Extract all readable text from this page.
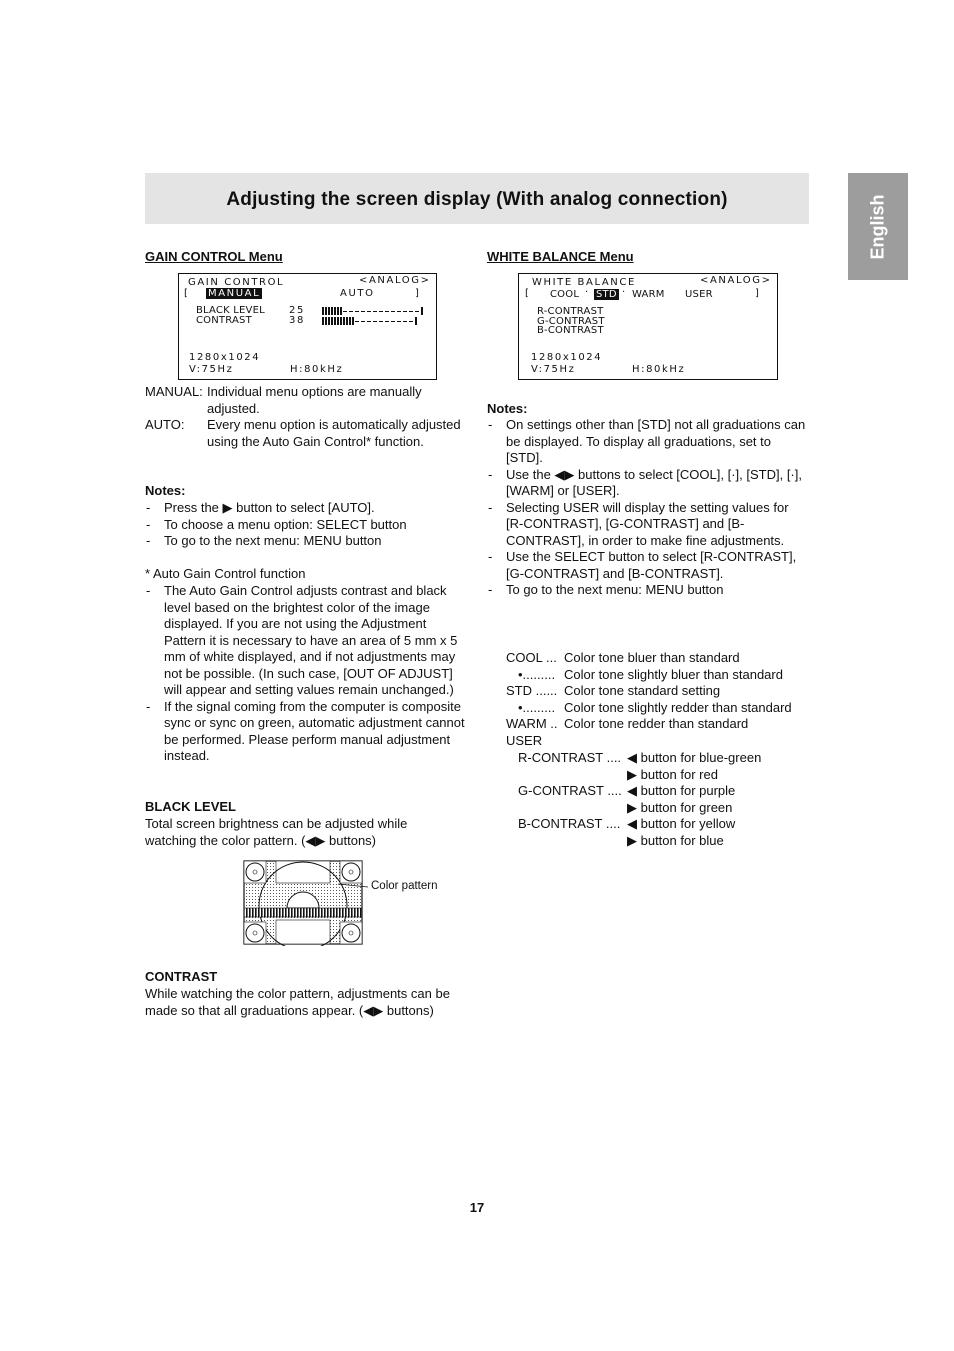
Adjusting the screen display (With analog connection)	English
GAIN CONTROL Menu
GAIN CONTROL	<ANALOG>
[ MANUAL	AUTO	]
BLACK LEVEL 25
CONTRAST	38
1280x1024
V:75Hz	H:80kHz
MANUAL: Individual menu options are manually adjusted.
AUTO: Every menu option is automatically adjusted using the Auto Gain Control* function.
Notes:
- Press the ▶ button to select [AUTO].
- To choose a menu option: SELECT button
- To go to the next menu: MENU button
* Auto Gain Control function
- The Auto Gain Control adjusts contrast and black level based on the brightest color of the image displayed. If you are not using the Adjustment Pattern it is necessary to have an area of 5 mm x 5 mm of white displayed, and if not adjustments may not be possible. (In such case, [OUT OF ADJUST] will appear and setting values remain unchanged.)
- If the signal coming from the computer is composite sync or sync on green, automatic adjustment cannot be performed. Please perform manual adjustment instead.
BLACK LEVEL
Total screen brightness can be adjusted while watching the color pattern. (◀▶ buttons)
Color pattern
CONTRAST
While watching the color pattern, adjustments can be made so that all graduations appear. (◀▶ buttons)
WHITE BALANCE Menu
WHITE BALANCE	<ANALOG>
[ COOL · STD · WARM USER	]
R-CONTRAST
G-CONTRAST
B-CONTRAST
1280x1024
V:75Hz	H:80kHz
Notes:
- On settings other than [STD] not all graduations can be displayed. To display all graduations, set to [STD].
- Use the ◀▶ buttons to select [COOL], [·], [STD], [·], [WARM] or [USER].
- Selecting USER will display the setting values for [R-CONTRAST], [G-CONTRAST] and [B-CONTRAST], in order to make fine adjustments.
- Use the SELECT button to select [R-CONTRAST], [G-CONTRAST] and [B-CONTRAST].
- To go to the next menu: MENU button
COOL ... Color tone bluer than standard
•......... Color tone slightly bluer than standard
STD ...... Color tone standard setting
•......... Color tone slightly redder than standard
WARM .. Color tone redder than standard
USER
R-CONTRAST .... ◀ button for blue-green
▶ button for red
G-CONTRAST .... ◀ button for purple
▶ button for green
B-CONTRAST .... ◀ button for yellow
▶ button for blue
17
